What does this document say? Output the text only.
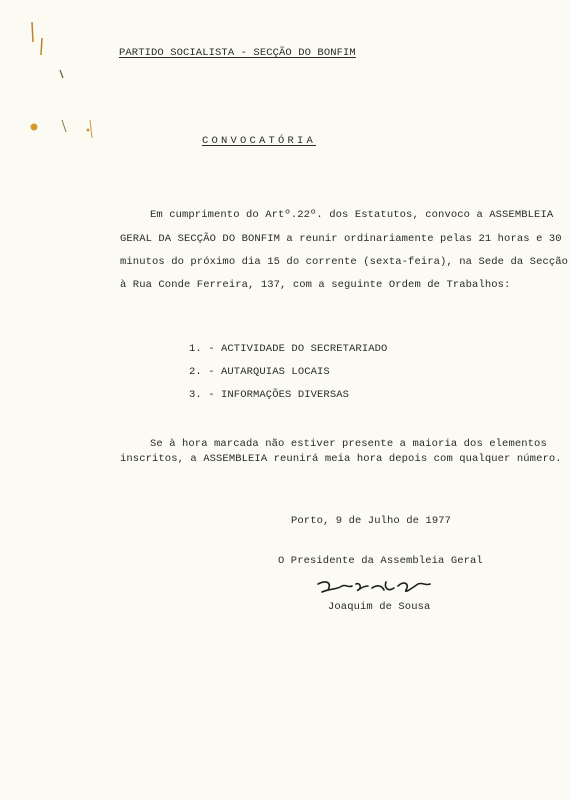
PARTIDO SOCIALISTA - SECÇÃO DO BONFIM
CONVOCATÓRIA
Em cumprimento do Artº.22º. dos Estatutos, convoco a ASSEMBLEIA
GERAL DA SECÇÃO DO BONFIM a reunir ordinariamente pelas 21 horas e 30
minutos do próximo dia 15 do corrente (sexta-feira), na Sede da Secção
à Rua Conde Ferreira, 137, com a seguinte Ordem de Trabalhos:
1. - ACTIVIDADE DO SECRETARIADO
2. - AUTARQUIAS LOCAIS
3. - INFORMAÇÕES DIVERSAS
Se à hora marcada não estiver presente a maioria dos elementos
inscritos, a ASSEMBLEIA reunirá meia hora depois com qualquer número.
Porto, 9 de Julho de 1977
O Presidente da Assembleia Geral
Joaquim de Sousa
